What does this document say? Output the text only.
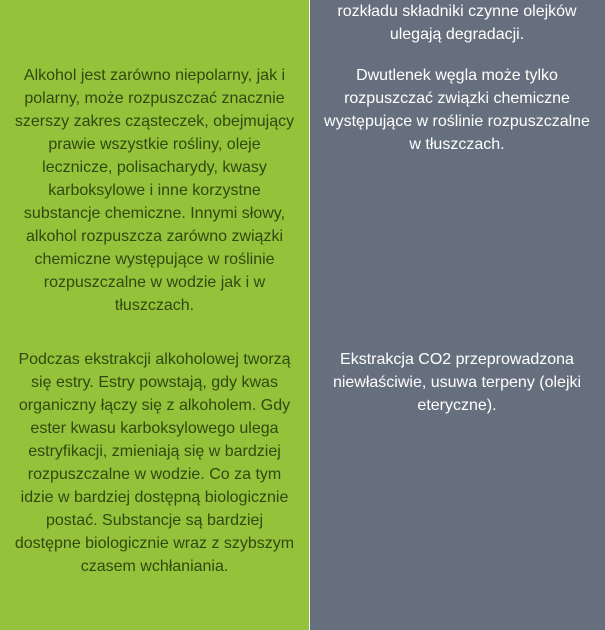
Alkohol jest zarówno niepolarny, jak i polarny, może rozpuszczać znacznie szerszy zakres cząsteczek, obejmujący prawie wszystkie rośliny, oleje lecznicze, polisacharydy, kwasy karboksylowe i inne korzystne substancje chemiczne. Innymi słowy, alkohol rozpuszcza zarówno związki chemiczne występujące w roślinie rozpuszczalne w wodzie jak i w tłuszczach.

Podczas ekstrakcji alkoholowej tworzą się estry. Estry powstają, gdy kwas organiczny łączy się z alkoholem. Gdy ester kwasu karboksylowego ulega estryfikacji, zmieniają się w bardziej rozpuszczalne w wodzie. Co za tym idzie w bardziej dostępną biologicznie postać. Substancje są bardziej dostępne biologicznie wraz z szybszym czasem wchłaniania.

rozkładu składniki czynne olejków ulegają degradacji.

Dwutlenek węgla może tylko rozpuszczać związki chemiczne występujące w roślinie rozpuszczalne w tłuszczach.

Ekstrakcja CO2 przeprowadzona niewłaściwie, usuwa terpeny (olejki eteryczne).
